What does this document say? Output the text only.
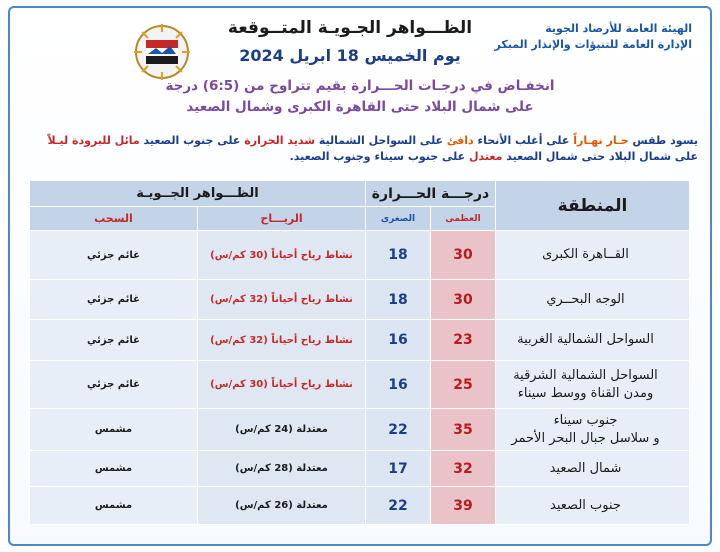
الهيئة العامة للأرصاد الجوية
الإدارة العامة للتنبؤات والإنذار المبكر
الظـــواهر الجـويـة المتــوقعة
يوم الخميس 18 ابريل 2024
انخفـاض في درجـات الحـــرارة بقيم تتراوح من (6:5) درجة
على شمال البلاد حتى القاهرة الكبرى وشمال الصعيد
يسود طقس حـار نهـاراً على أغلب الأنحاء دافئ على السواحل الشمالية شديد الحرارة على جنوب الصعيد مائل للبرودة ليـلاً على شمال البلاد حتى شمال الصعيد معتدل على جنوب سيناء وجنوب الصعيد.
المنطقة	درجـــة الحـــرارة		الظـــواهر الجــويـة	
	العظمى	الصغرى	الريـــاح	السحب

القــاهرة الكبرى	30	18	نشاط رياح أحياناً (30 كم/س)	غائم جزئي

الوجه البحــري	30	18	نشاط رياح أحياناً (32 كم/س)	غائم جزئي

السواحل الشمالية الغربية	23	16	نشاط رياح أحياناً (32 كم/س)	غائم جزئي

السواحل الشمالية الشرقية
ومدن القناة ووسط سيناء	25	16	نشاط رياح أحياناً (30 كم/س)	غائم جزئي

جنوب سيناء
و سلاسل جبال البحر الأحمر	35	22	معتدلة (24 كم/س)	مشمس

شمال الصعيد	32	17	معتدلة (28 كم/س)	مشمس

جنوب الصعيد	39	22	معتدلة (26 كم/س)	مشمس
